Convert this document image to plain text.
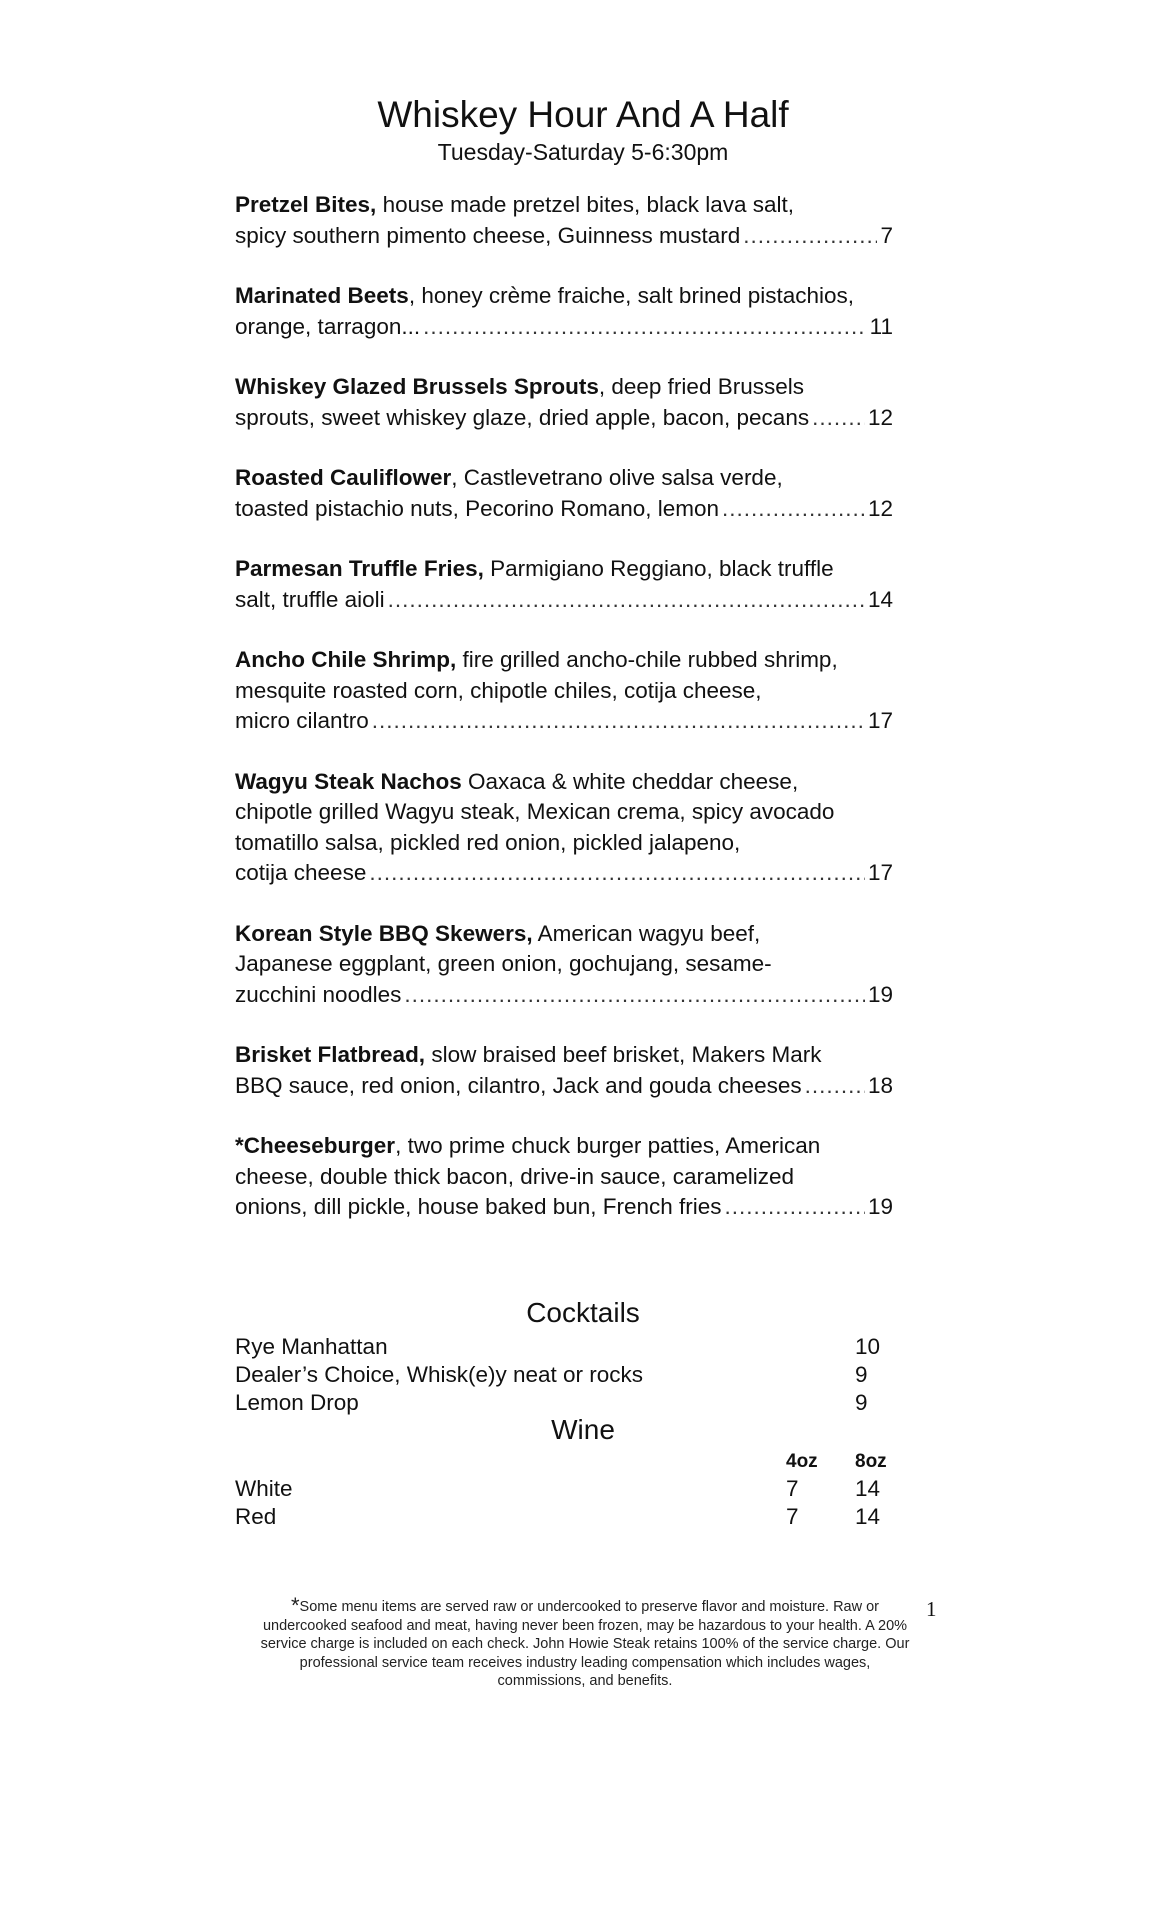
Whiskey Hour And A Half
Tuesday-Saturday 5-6:30pm
Pretzel Bites, house made pretzel bites, black lava salt,
spicy southern pimento cheese, Guinness mustard .....	7
Marinated Beets, honey crème fraiche, salt brined pistachios,
orange, tarragon... .....	11
Whiskey Glazed Brussels Sprouts, deep fried Brussels
sprouts, sweet whiskey glaze, dried apple, bacon, pecans .....	12
Roasted Cauliflower, Castlevetrano olive salsa verde,
toasted pistachio nuts, Pecorino Romano, lemon .....	12
Parmesan Truffle Fries, Parmigiano Reggiano, black truffle
salt, truffle aioli .....	14
Ancho Chile Shrimp, fire grilled ancho-chile rubbed shrimp,
mesquite roasted corn, chipotle chiles, cotija cheese,
micro cilantro .....	17
Wagyu Steak Nachos Oaxaca & white cheddar cheese,
chipotle grilled Wagyu steak, Mexican crema, spicy avocado
tomatillo salsa, pickled red onion, pickled jalapeno,
cotija cheese .....	17
Korean Style BBQ Skewers, American wagyu beef,
Japanese eggplant, green onion, gochujang, sesame-
zucchini noodles .....	19
Brisket Flatbread, slow braised beef brisket, Makers Mark
BBQ sauce, red onion, cilantro, Jack and gouda cheeses .....	18
*Cheeseburger, two prime chuck burger patties, American
cheese, double thick bacon, drive-in sauce, caramelized
onions, dill pickle, house baked bun, French fries .....	19
Cocktails
Rye Manhattan	10
Dealer’s Choice, Whisk(e)y neat or rocks	9
Lemon Drop	9
Wine
4oz 8oz
White	7	14
Red	7	14
*Some menu items are served raw or undercooked to preserve flavor and moisture. Raw or undercooked seafood and meat, having never been frozen, may be hazardous to your health. A 20% service charge is included on each check. John Howie Steak retains 100% of the service charge. Our professional service team receives industry leading compensation which includes wages, commissions, and benefits.
1
